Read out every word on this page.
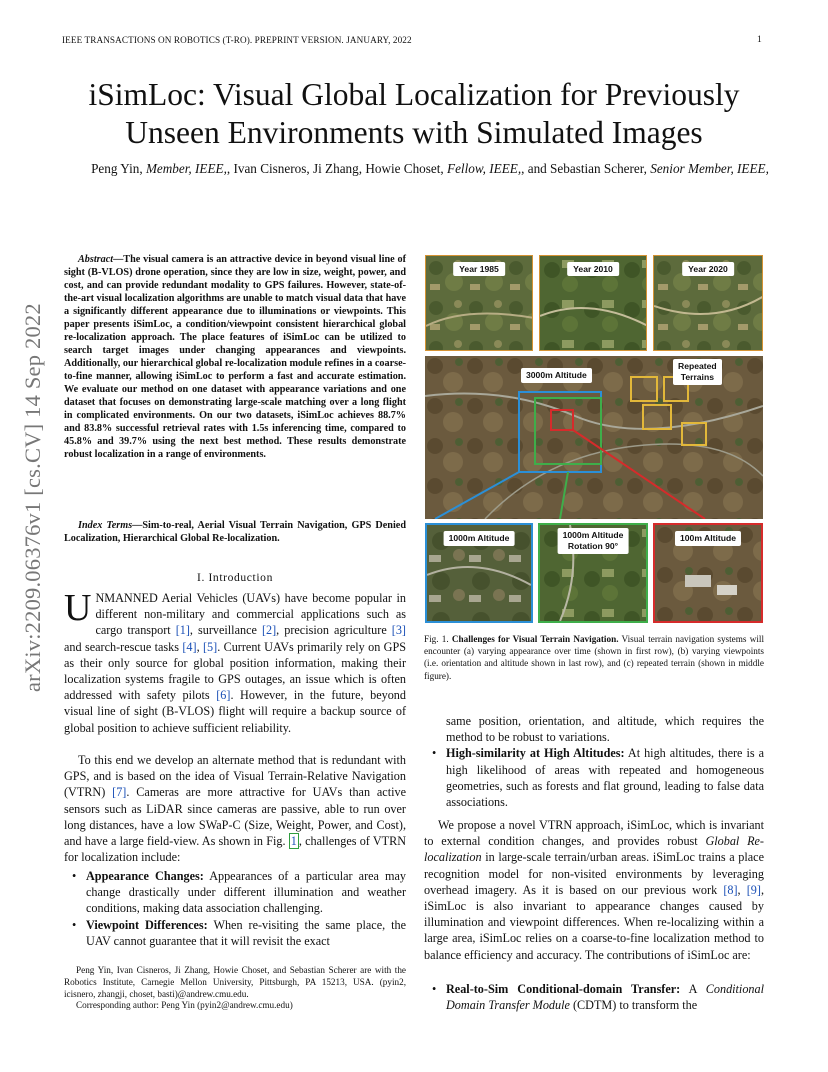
IEEE TRANSACTIONS ON ROBOTICS (T-RO). PREPRINT VERSION. JANUARY, 2022	1
iSimLoc: Visual Global Localization for Previously
Unseen Environments with Simulated Images
Peng Yin, Member, IEEE,, Ivan Cisneros, Ji Zhang, Howie Choset, Fellow, IEEE,, and Sebastian Scherer, Senior Member, IEEE,
arXiv:2209.06376v1 [cs.CV] 14 Sep 2022
Abstract—The visual camera is an attractive device in beyond visual line of sight (B-VLOS) drone operation, since they are low in size, weight, power, and cost, and can provide redundant modality to GPS failures. However, state-of-the-art visual localization algorithms are unable to match visual data that have a significantly different appearance due to illuminations or viewpoints. This paper presents iSimLoc, a condition/viewpoint consistent hierarchical global re-localization approach. The place features of iSimLoc can be utilized to search target images under changing appearances and viewpoints. Additionally, our hierarchical global re-localization module refines in a coarse-to-fine manner, allowing iSimLoc to perform a fast and accurate estimation. We evaluate our method on one dataset with appearance variations and one dataset that focuses on demonstrating large-scale matching over a long flight in complicated environments. On our two datasets, iSimLoc achieves 88.7% and 83.8% successful retrieval rates with 1.5s inferencing time, compared to 45.8% and 39.7% using the next best method. These results demonstrate robust localization in a range of environments.
Index Terms—Sim-to-real, Aerial Visual Terrain Navigation, GPS Denied Localization, Hierarchical Global Re-localization.
I. Introduction
UNMANNED Aerial Vehicles (UAVs) have become popular in different non-military and commercial applications such as cargo transport [1], surveillance [2], precision agriculture [3] and search-rescue tasks [4], [5]. Current UAVs primarily rely on GPS as their only source for global position information, making their localization systems fragile to GPS outages, an issue which is often addressed with safety pilots [6]. However, in the future, beyond visual line of sight (B-VLOS) flight will require a backup source of global position to achieve sufficient reliability.
To this end we develop an alternate method that is redundant with GPS, and is based on the idea of Visual Terrain-Relative Navigation (VTRN) [7]. Cameras are more attractive for UAVs than active sensors such as LiDAR since cameras are passive, able to run over long distances, have a low SWaP-C (Size, Weight, Power, and Cost), and have a large field-view. As shown in Fig. 1 , challenges of VTRN for localization include:
• Appearance Changes: Appearances of a particular area may change drastically under different illumination and weather conditions, making data association challenging.
• Viewpoint Differences: When re-visiting the same place, the UAV cannot guarantee that it will revisit the exact

Peng Yin, Ivan Cisneros, Ji Zhang, Howie Choset, and Sebastian Scherer are with the Robotics Institute, Carnegie Mellon University, Pittsburgh, PA 15213, USA. (pyin2, icisnero, zhangji, choset, basti)@andrew.cmu.edu.

Corresponding author: Peng Yin (pyin2@andrew.cmu.edu)

Year 1985	Year 2010	Year 2020
3000m Altitude
Repeated
Terrains
1000m Altitude	1000m Altitude
Rotation 90°
100m Altitude
Fig. 1. Challenges for Visual Terrain Navigation. Visual terrain navigation systems will encounter (a) varying appearance over time (shown in first row), (b) varying viewpoints (i.e. orientation and altitude shown in last row), and (c) repeated terrain (shown in middle figure).
same position, orientation, and altitude, which requires the method to be robust to variations.
• High-similarity at High Altitudes: At high altitudes, there is a high likelihood of areas with repeated and homogeneous geometries, such as forests and flat ground, leading to false data associations.
We propose a novel VTRN approach, iSimLoc, which is invariant to external condition changes, and provides robust Global Re-localization in large-scale terrain/urban areas. iSimLoc trains a place recognition model for non-visited environments by leveraging overhead imagery. As it is based on our previous work [8], [9], iSimLoc is also invariant to appearance changes caused by illumination and viewpoint differences. When re-localizing within a large area, iSimLoc relies on a coarse-to-fine localization method to balance efficiency and accuracy. The contributions of iSimLoc are:
• Real-to-Sim Conditional-domain Transfer: A Conditional Domain Transfer Module (CDTM) to transform the
